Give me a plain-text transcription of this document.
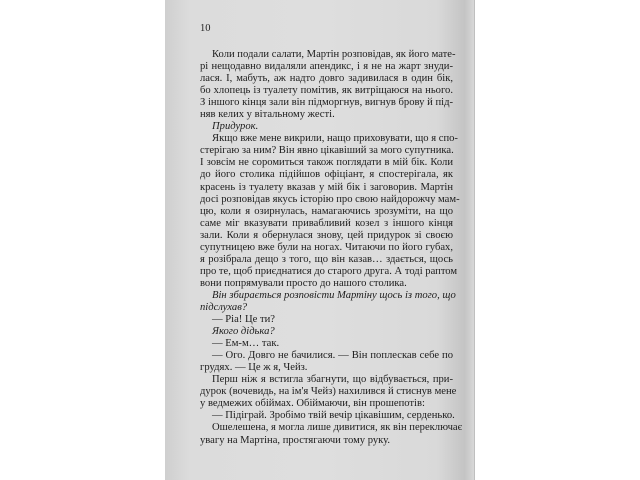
10
Коли подали салати, Мартін розповідав, як його мате-
рі нещодавно видаляли апендикс, і я не на жарт знуди-
лася. І, мабуть, аж надто довго задивилася в один бік,
бо хлопець із туалету помітив, як витріщаюся на нього.
З іншого кінця зали він підморгнув, вигнув брову й під-
няв келих у вітальному жесті.
Придурок.
Якщо вже мене викрили, нащо приховувати, що я спо-
стерігаю за ним? Він явно цікавіший за мого супутника.
І зовсім не соромиться також поглядати в мій бік. Коли
до його столика підійшов офіціант, я спостерігала, як
красень із туалету вказав у мій бік і заговорив. Мартін
досі розповідав якусь історію про свою найдорожчу мам-
цю, коли я озирнулась, намагаючись зрозуміти, на що
саме міг вказувати привабливий козел з іншого кінця
зали. Коли я обернулася знову, цей придурок зі своєю
супутницею вже були на ногах. Читаючи по його губах,
я розібрала дещо з того, що він казав… здається, щось
про те, щоб приєднатися до старого друга. А тоді раптом
вони попрямували просто до нашого столика.
Він збирається розповісти Мартіну щось із того, що
підслухав?
— Ріа! Це ти?
Якого дідька?
— Ем-м… так.
— Ого. Довго не бачилися. — Він поплескав себе по
грудях. — Це ж я, Чейз.
Перш ніж я встигла збагнути, що відбувається, при-
дурок (вочевидь, на ім'я Чейз) нахилився й стиснув мене
у ведмежих обіймах. Обіймаючи, він прошепотів:
— Підіграй. Зробімо твій вечір цікавішим, серденько.
Ошелешена, я могла лише дивитися, як він переключає
увагу на Мартіна, простягаючи тому руку.
